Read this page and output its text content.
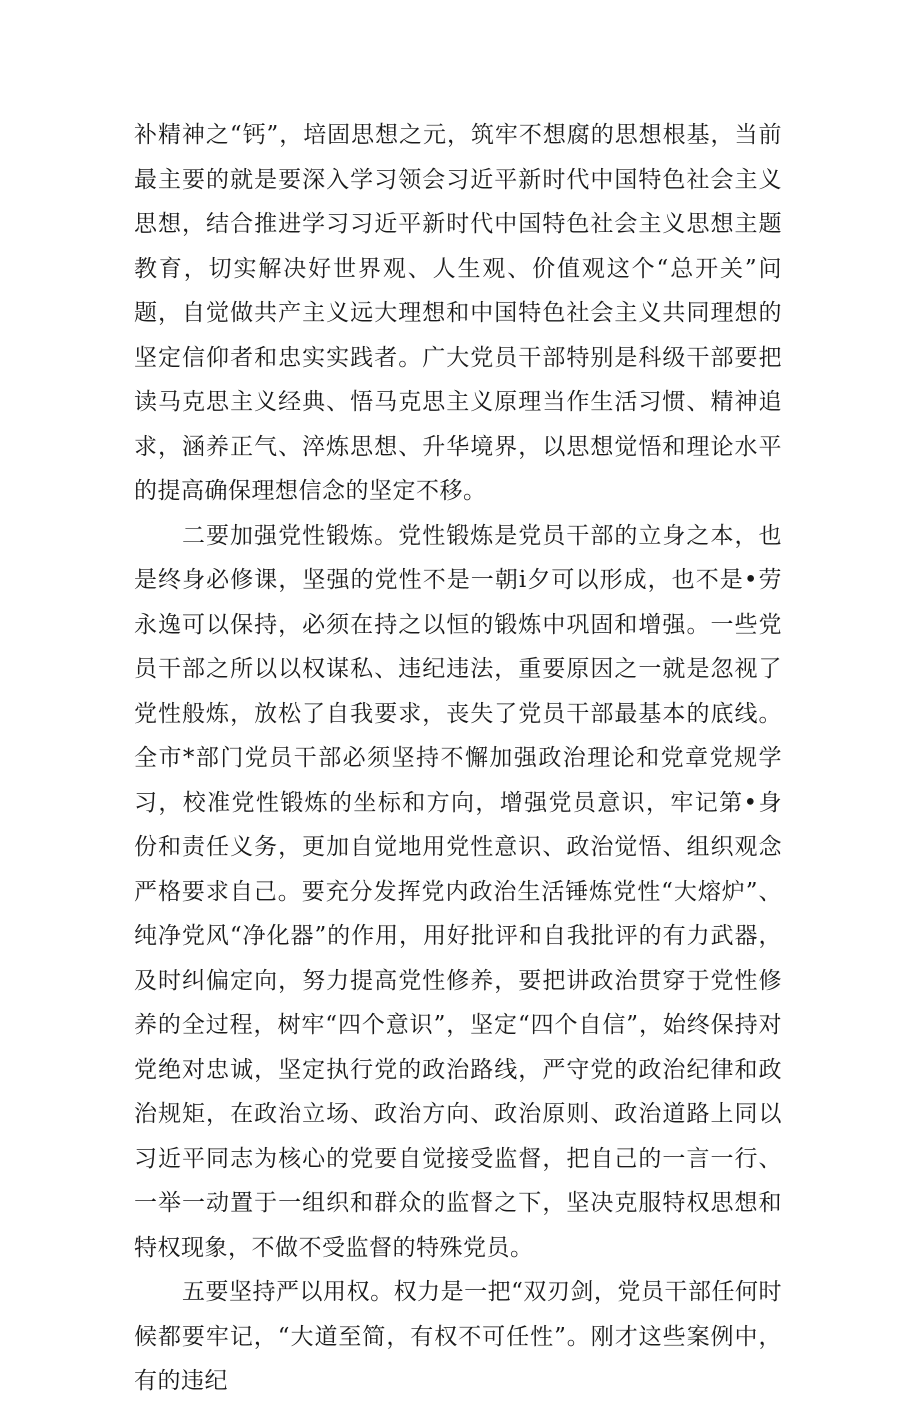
补精神之“钙”，培固思想之元，筑牢不想腐的思想根基，当前最主要的就是要深入学习领会习近平新时代中国特色社会主义思想，结合推进学习习近平新时代中国特色社会主义思想主题教育，切实解决好世界观、人生观、价值观这个“总开关”问题，自觉做共产主义远大理想和中国特色社会主义共同理想的坚定信仰者和忠实实践者。广大党员干部特别是科级干部要把读马克思主义经典、悟马克思主义原理当作生活习惯、精神追求，涵养正气、淬炼思想、升华境界，以思想觉悟和理论水平的提高确保理想信念的坚定不移。

二要加强党性锻炼。党性锻炼是党员干部的立身之本，也是终身必修课，坚强的党性不是一朝i夕可以形成，也不是•劳永逸可以保持，必须在持之以恒的锻炼中巩固和增强。一些党员干部之所以以权谋私、违纪违法，重要原因之一就是忽视了党性般炼，放松了自我要求，丧失了党员干部最基本的底线。全市*部门党员干部必须坚持不懈加强政治理论和党章党规学习，校准党性锻炼的坐标和方向，增强党员意识，牢记第•身份和责任义务，更加自觉地用党性意识、政治觉悟、组织观念严格要求自己。要充分发挥党内政治生活锤炼党性“大熔炉”、纯净党风“净化器”的作用，用好批评和自我批评的有力武器，及时纠偏定向，努力提高党性修养，要把讲政治贯穿于党性修养的全过程，树牢“四个意识”，坚定“四个自信”，始终保持对党绝对忠诚，坚定执行党的政治路线，严守党的政治纪律和政治规矩，在政治立场、政治方向、政治原则、政治道路上同以习近平同志为核心的党要自觉接受监督，把自己的一言一行、一举一动置于一组织和群众的监督之下，坚决克服特权思想和特权现象，不做不受监督的特殊党员。

五要坚持严以用权。权力是一把“双刃剑，党员干部任何时候都要牢记，“大道至简，有权不可任性”。刚才这些案例中，有的违纪
